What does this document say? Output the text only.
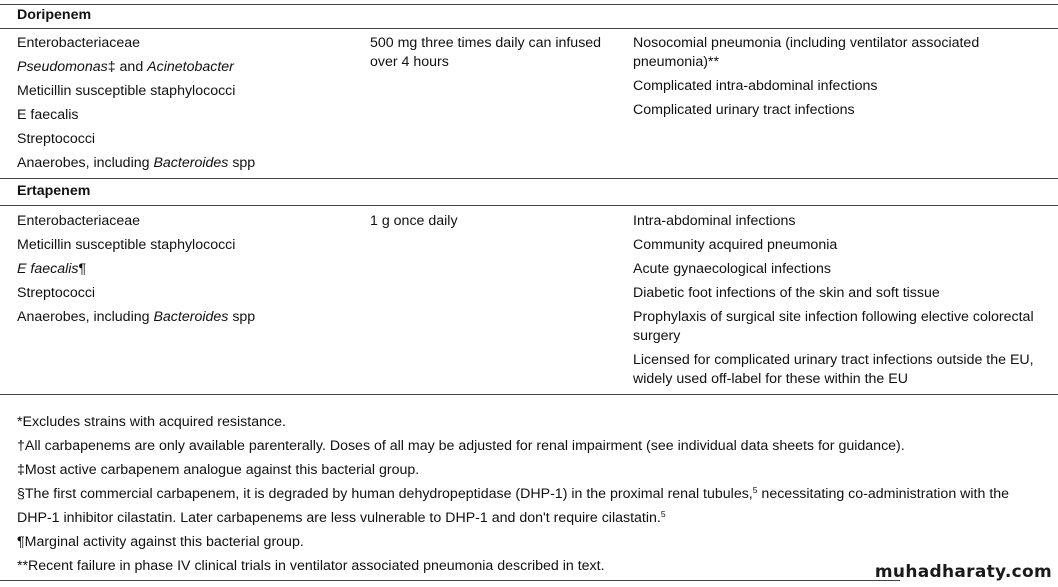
Doripenem
Enterobacteriaceae
Pseudomonas‡ and Acinetobacter
Meticillin susceptible staphylococci
E faecalis
Streptococci
Anaerobes, including Bacteroides spp
500 mg three times daily can infused over 4 hours
Nosocomial pneumonia (including ventilator associated pneumonia)**
Complicated intra-abdominal infections
Complicated urinary tract infections
Ertapenem
Enterobacteriaceae
Meticillin susceptible staphylococci
E faecalis¶
Streptococci
Anaerobes, including Bacteroides spp
1 g once daily	Intra-abdominal infections
Community acquired pneumonia
Acute gynaecological infections
Diabetic foot infections of the skin and soft tissue
Prophylaxis of surgical site infection following elective colorectal surgery
Licensed for complicated urinary tract infections outside the EU, widely used off-label for these within the EU
*Excludes strains with acquired resistance.
†All carbapenems are only available parenterally. Doses of all may be adjusted for renal impairment (see individual data sheets for guidance).
‡Most active carbapenem analogue against this bacterial group.
§The first commercial carbapenem, it is degraded by human dehydropeptidase (DHP-1) in the proximal renal tubules,$^5$ necessitating co-administration with the
DHP-1 inhibitor cilastatin. Later carbapenems are less vulnerable to DHP-1 and don't require cilastatin.$^5$
¶Marginal activity against this bacterial group.
**Recent failure in phase IV clinical trials in ventilator associated pneumonia described in text.	muhadharaty.com
